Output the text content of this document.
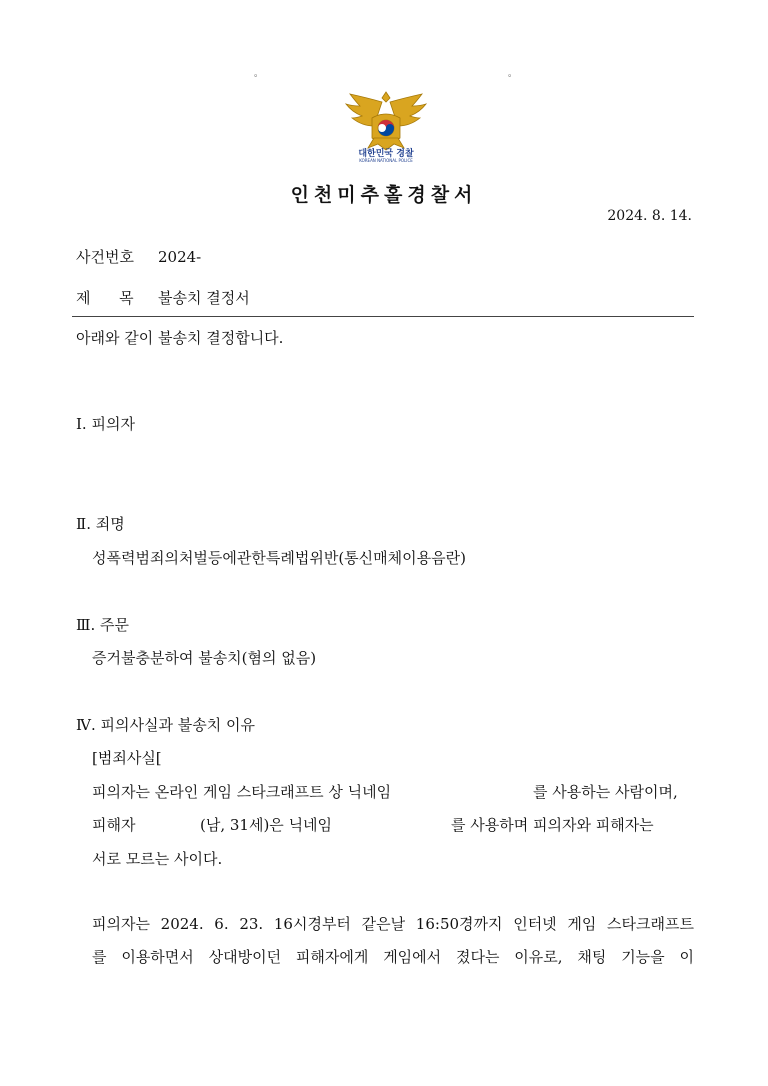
。	。
대한민국 경찰
KOREAN NATIONAL POLICE
인천미추홀경찰서
2024. 8. 14.
사건번호 2024-
제      목 불송치 결정서
아래와 같이 불송치 결정합니다.
Ⅰ. 피의자
Ⅱ. 죄명
성폭력범죄의처벌등에관한특례법위반(통신매체이용음란)
Ⅲ. 주문
증거불충분하여 불송치(혐의 없음)
Ⅳ. 피의사실과 불송치 이유
[범죄사실[
피의자는 온라인 게임 스타크래프트 상 닉네임	를 사용하는 사람이며,
피해자	(남, 31세)은 닉네임	를 사용하며 피의자와 피해자는
서로 모르는 사이다.
피의자는 2024. 6. 23. 16시경부터 같은날 16:50경까지 인터넷 게임 스타크래프트
를 이용하면서 상대방이던 피해자에게 게임에서 졌다는 이유로, 채팅 기능을 이
